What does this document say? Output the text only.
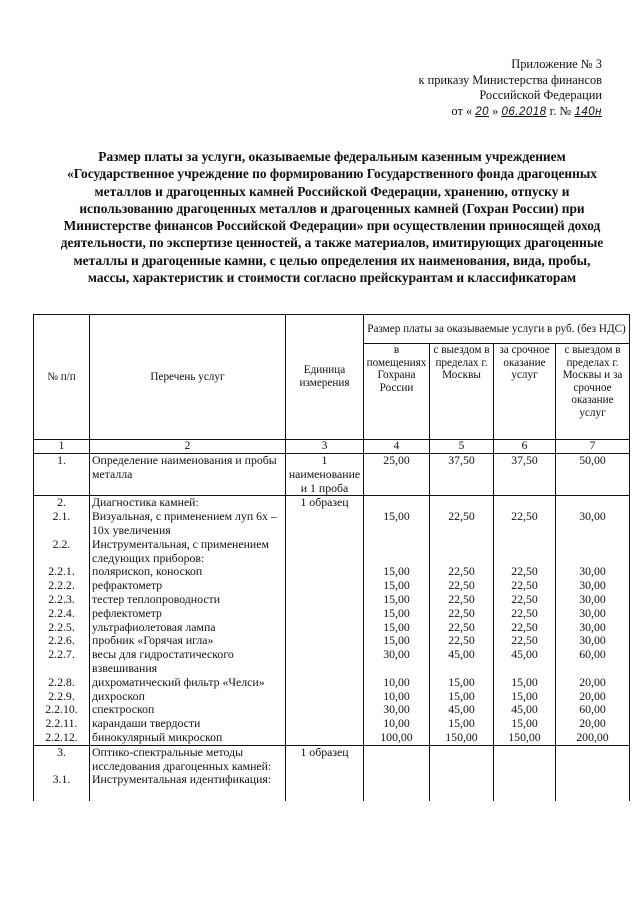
Приложение № 3
к приказу Министерства финансов
Российской Федерации
от « 20 » 06.2018 г. № 140н
Размер платы за услуги, оказываемые федеральным казенным учреждением «Государственное учреждение по формированию Государственного фонда драгоценных металлов и драгоценных камней Российской Федерации, хранению, отпуску и использованию драгоценных металлов и драгоценных камней (Гохран России) при Министерстве финансов Российской Федерации» при осуществлении приносящей доход деятельности, по экспертизе ценностей, а также материалов, имитирующих драгоценные металлы и драгоценные камни, с целью определения их наименования, вида, пробы, массы, характеристик и стоимости согласно прейскурантам и классификаторам
№ п/п	Перечень услуг	Единица измерения	Размер платы за оказываемые услуги в руб. (без НДС)			
			в помещениях Гохрана России	с выездом в пределах г. Москвы	за срочное оказание услуг	с выездом в пределах г. Москвы и за срочное оказание услуг
1	2	3	4	5	6	7
1.	Определение наименования и пробы металла	1 наименование и 1 проба	25,00	37,50	37,50	50,00
2.	Диагностика камней:	1 образец				
2.1.	Визуальная, с применением луп 6х – 10х увеличения		15,00	22,50	22,50	30,00
2.2.	Инструментальная, с применением следующих приборов:					
2.2.1.	полярископ, коноскоп		15,00	22,50	22,50	30,00
2.2.2.	рефрактометр		15,00	22,50	22,50	30,00
2.2.3.	тестер теплопроводности		15,00	22,50	22,50	30,00
2.2.4.	рефлектометр		15,00	22,50	22,50	30,00
2.2.5.	ультрафиолетовая лампа		15,00	22,50	22,50	30,00
2.2.6.	пробник «Горячая игла»		15,00	22,50	22,50	30,00
2.2.7.	весы для гидростатического взвешивания		30,00	45,00	45,00	60,00
2.2.8.	дихроматический фильтр «Челси»		10,00	15,00	15,00	20,00
2.2.9.	дихроскоп		10,00	15,00	15,00	20,00
2.2.10.	спектроскоп		30,00	45,00	45,00	60,00
2.2.11.	карандаши твердости		10,00	15,00	15,00	20,00
2.2.12.	бинокулярный микроскоп		100,00	150,00	150,00	200,00
3.	Оптико-спектральные методы исследования драгоценных камней:	1 образец				
3.1.	Инструментальная идентификация:					
